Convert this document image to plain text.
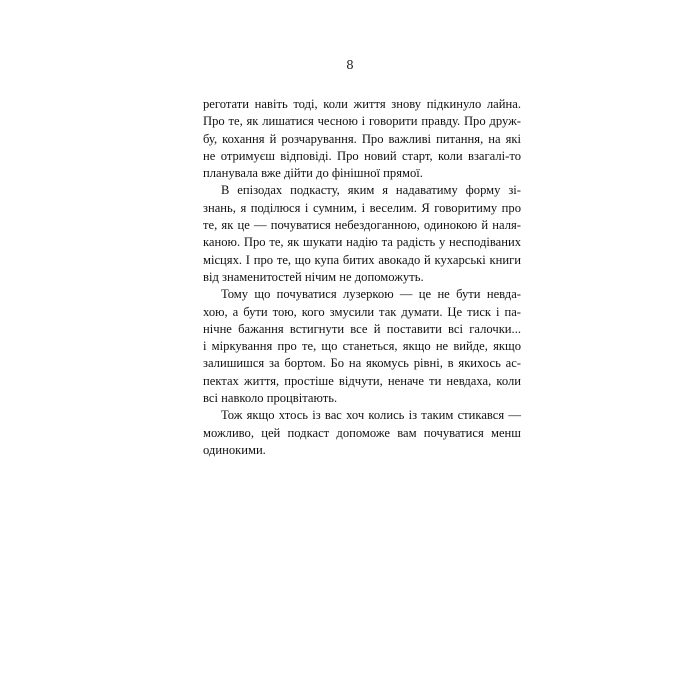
8

реготати навіть тоді, коли життя знову підкинуло лайна.
Про те, як лишатися чесною і говорити правду. Про друж-
бу, кохання й розчарування. Про важливі питання, на які
не отримуєш відповіді. Про новий старт, коли взагалі-то
планувала вже дійти до фінішної прямої.

В епізодах подкасту, яким я надаватиму форму зі-
знань, я поділюся і сумним, і веселим. Я говоритиму про
те, як це — почуватися небездоганною, одинокою й наля-
каною. Про те, як шукати надію та радість у несподіваних
місцях. І про те, що купа битих авокадо й кухарські книги
від знаменитостей нічим не допоможуть.

Тому що почуватися лузеркою — це не бути невда-
хою, а бути тою, кого змусили так думати. Це тиск і па-
нічне бажання встигнути все й поставити всі галочки...
і міркування про те, що станеться, якщо не вийде, якщо
залишишся за бортом. Бо на якомусь рівні, в якихось ас-
пектах життя, простіше відчути, неначе ти невдаха, коли
всі навколо процвітають.

Тож якщо хтось із вас хоч колись із таким стикався —
можливо, цей подкаст допоможе вам почуватися менш
одинокими.
